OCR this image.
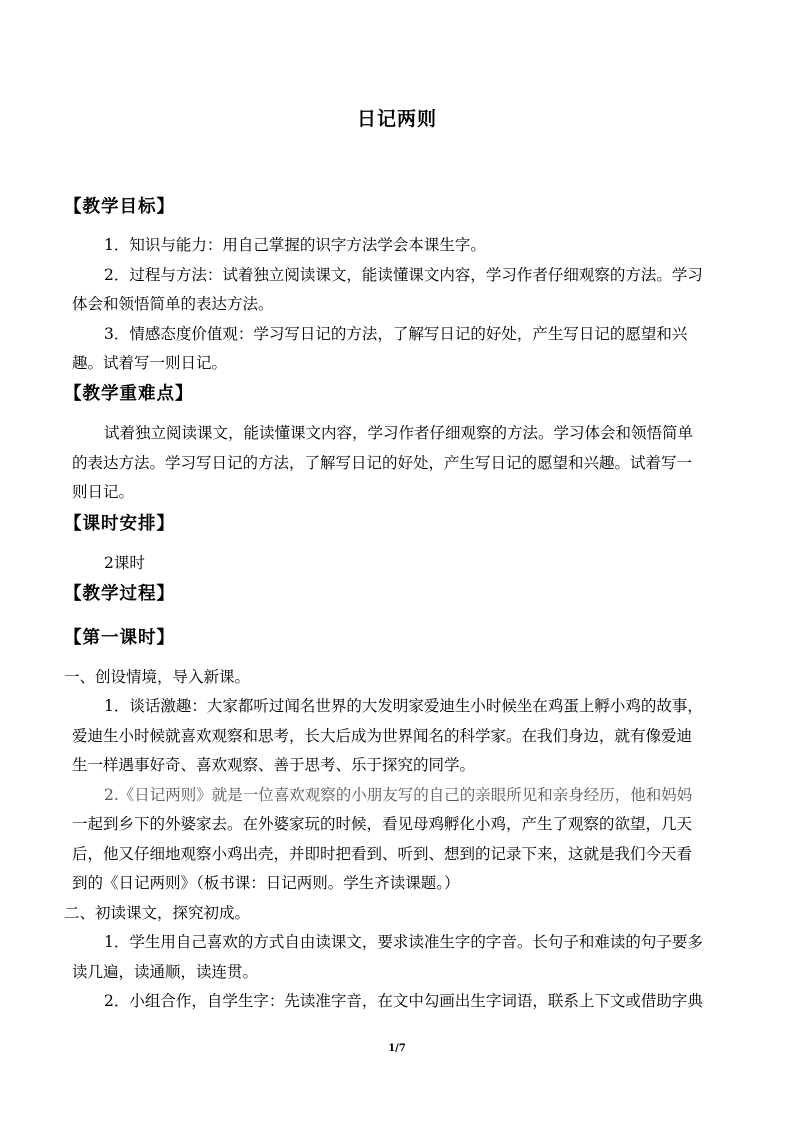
日记两则
【教学目标】
1．知识与能力：用自己掌握的识字方法学会本课生字。
2．过程与方法：试着独立阅读课文，能读懂课文内容，学习作者仔细观察的方法。学习
体会和领悟简单的表达方法。
3．情感态度价值观：学习写日记的方法，了解写日记的好处，产生写日记的愿望和兴
趣。试着写一则日记。
【教学重难点】
试着独立阅读课文，能读懂课文内容，学习作者仔细观察的方法。学习体会和领悟简单
的表达方法。学习写日记的方法，了解写日记的好处，产生写日记的愿望和兴趣。试着写一
则日记。
【课时安排】
2课时
【教学过程】
【第一课时】
一、创设情境，导入新课。
1．谈话激趣：大家都听过闻名世界的大发明家爱迪生小时候坐在鸡蛋上孵小鸡的故事，
爱迪生小时候就喜欢观察和思考，长大后成为世界闻名的科学家。在我们身边，就有像爱迪
生一样遇事好奇、喜欢观察、善于思考、乐于探究的同学。
2.《日记两则》就是一位喜欢观察的小朋友写的自己的亲眼所见和亲身经历，他和妈妈
一起到乡下的外婆家去。在外婆家玩的时候，看见母鸡孵化小鸡，产生了观察的欲望，几天
后，他又仔细地观察小鸡出壳，并即时把看到、听到、想到的记录下来，这就是我们今天看
到的《日记两则》（板书课：日记两则。学生齐读课题。）
二、初读课文，探究初成。
1．学生用自己喜欢的方式自由读课文，要求读准生字的字音。长句子和难读的句子要多
读几遍，读通顺，读连贯。
2．小组合作，自学生字：先读准字音，在文中勾画出生字词语，联系上下文或借助字典
1/7
